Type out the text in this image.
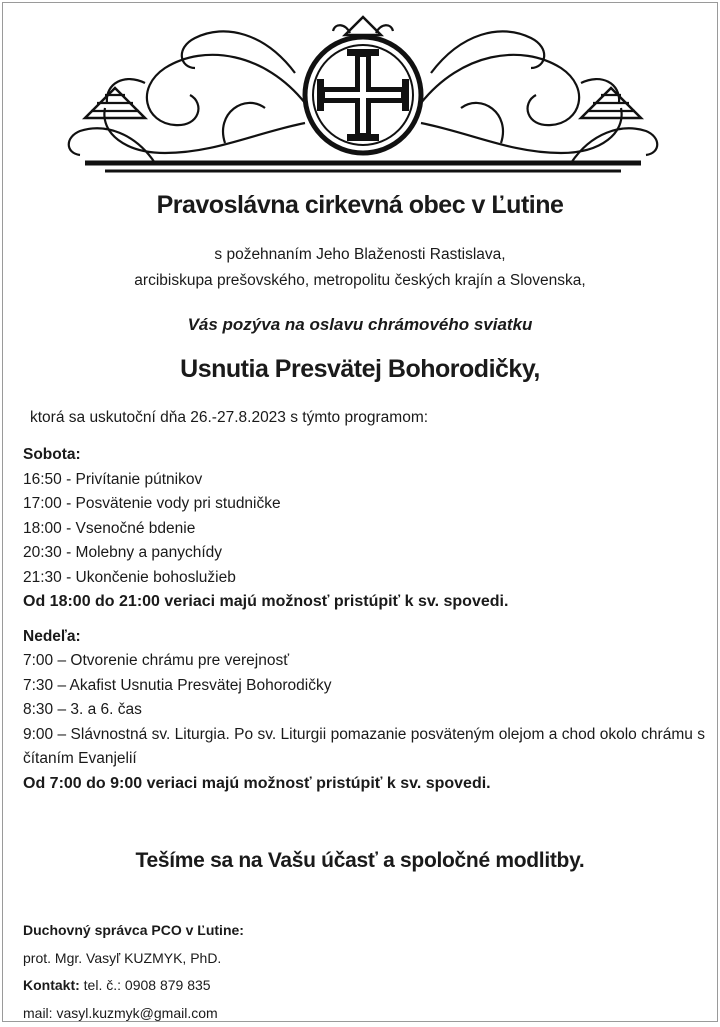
Pravoslávna cirkevná obec v Ľutine
s požehnaním Jeho Blaženosti Rastislava,
arcibiskupa prešovského, metropolitu českých krajín a Slovenska,
Vás pozýva na oslavu chrámového sviatku
Usnutia Presvätej Bohorodičky,
ktorá sa uskutoční dňa 26.-27.8.2023 s týmto programom:
Sobota:
16:50 - Privítanie pútnikov
17:00 - Posvätenie vody pri studničke
18:00 - Vsenočné bdenie
20:30 - Molebny a panychídy
21:30 - Ukončenie bohoslužieb
Od 18:00 do 21:00 veriaci majú možnosť pristúpiť k sv. spovedi.
Nedeľa:
7:00 – Otvorenie chrámu pre verejnosť
7:30 – Akafist Usnutia Presvätej Bohorodičky
8:30 – 3. a 6. čas
9:00 – Slávnostná sv. Liturgia. Po sv. Liturgii pomazanie posväteným olejom a chod okolo chrámu s čítaním Evanjelií
Od 7:00 do 9:00 veriaci majú možnosť pristúpiť k sv. spovedi.
Tešíme sa na Vašu účasť a spoločné modlitby.
Duchovný správca PCO v Ľutine:
prot. Mgr. Vasyľ KUZMYK, PhD.
Kontakt: tel. č.: 0908 879 835
mail: vasyl.kuzmyk@gmail.com
